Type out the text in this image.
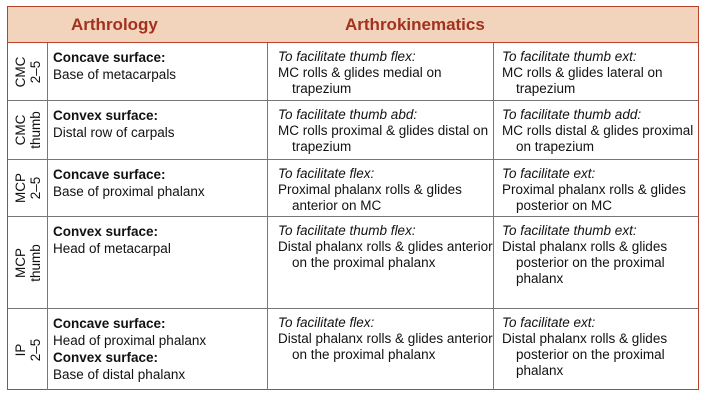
Arthrology	Arthrokinematics
CMC 2–5
Concave surface:
Base of metacarpals
To facilitate thumb flex:
MC rolls & glides medial on trapezium
To facilitate thumb ext:
MC rolls & glides lateral on trapezium
CMC thumb Convex surface:
Distal row of carpals
To facilitate thumb abd:
MC rolls proximal & glides distal on trapezium
To facilitate thumb add:
MC rolls distal & glides proximal on trapezium
MCP 2–5
Concave surface:
Base of proximal phalanx
To facilitate flex:
Proximal phalanx rolls & glides anterior on MC
To facilitate ext:
Proximal phalanx rolls & glides posterior on MC
MCP thumb
Convex surface:
Head of metacarpal
To facilitate thumb flex:
Distal phalanx rolls & glides anterior on the proximal phalanx
To facilitate thumb ext:
Distal phalanx rolls & glides posterior on the proximal phalanx
IP 2–5
Concave surface:
Head of proximal phalanx
Convex surface:
Base of distal phalanx
To facilitate flex:
Distal phalanx rolls & glides anterior on the proximal phalanx
To facilitate ext:
Distal phalanx rolls & glides posterior on the proximal phalanx
